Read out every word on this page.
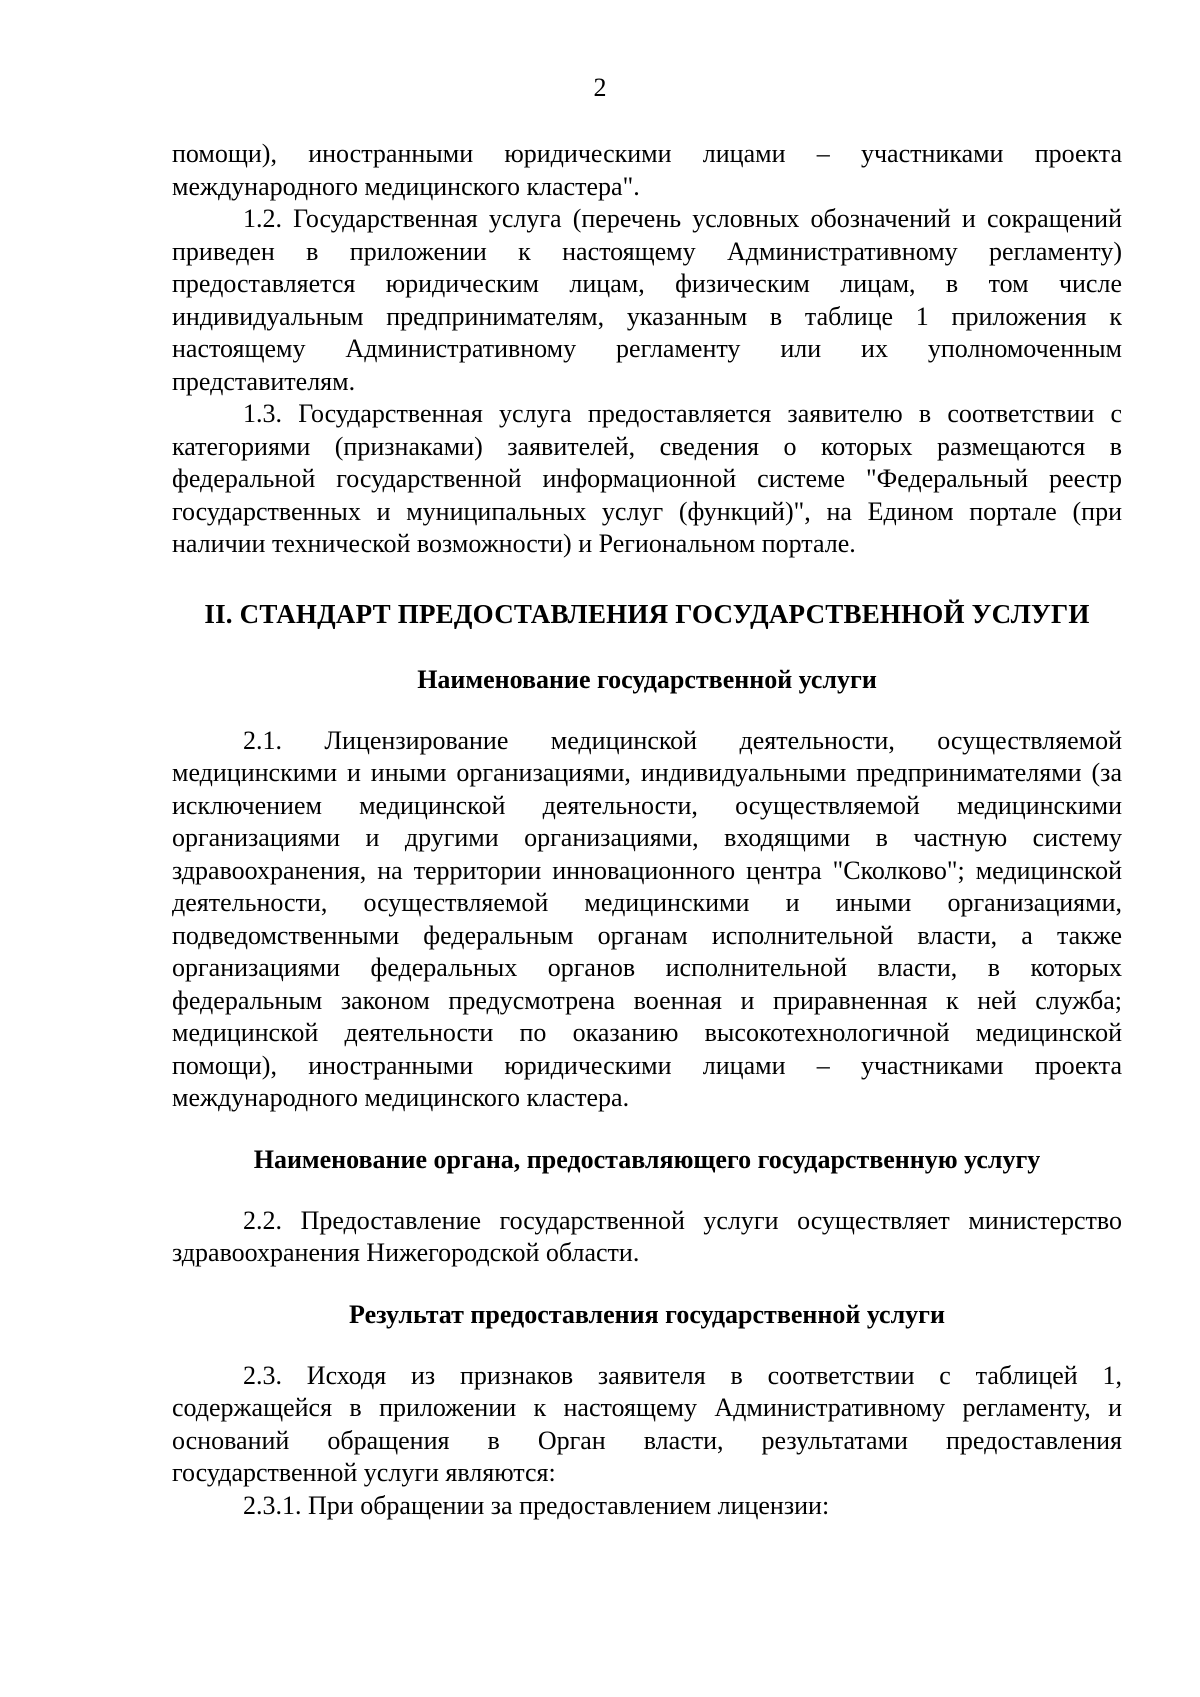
2

помощи), иностранными юридическими лицами – участниками проекта международного медицинского кластера".

1.2. Государственная услуга (перечень условных обозначений и сокращений приведен в приложении к настоящему Административному регламенту) предоставляется юридическим лицам, физическим лицам, в том числе индивидуальным предпринимателям, указанным в таблице 1 приложения к настоящему Административному регламенту или их уполномоченным представителям.

1.3. Государственная услуга предоставляется заявителю в соответствии с категориями (признаками) заявителей, сведения о которых размещаются в федеральной государственной информационной системе "Федеральный реестр государственных и муниципальных услуг (функций)", на Едином портале (при наличии технической возможности) и Региональном портале.

II. СТАНДАРТ ПРЕДОСТАВЛЕНИЯ ГОСУДАРСТВЕННОЙ УСЛУГИ
Наименование государственной услуги

2.1. Лицензирование медицинской деятельности, осуществляемой медицинскими и иными организациями, индивидуальными предпринимателями (за исключением медицинской деятельности, осуществляемой медицинскими организациями и другими организациями, входящими в частную систему здравоохранения, на территории инновационного центра "Сколково"; медицинской деятельности, осуществляемой медицинскими и иными организациями, подведомственными федеральным органам исполнительной власти, а также организациями федеральных органов исполнительной власти, в которых федеральным законом предусмотрена военная и приравненная к ней служба; медицинской деятельности по оказанию высокотехнологичной медицинской помощи), иностранными юридическими лицами – участниками проекта международного медицинского кластера.

Наименование органа, предоставляющего государственную услугу

2.2. Предоставление государственной услуги осуществляет министерство здравоохранения Нижегородской области.

Результат предоставления государственной услуги

2.3. Исходя из признаков заявителя в соответствии с таблицей 1, содержащейся в приложении к настоящему Административному регламенту, и оснований обращения в Орган власти, результатами предоставления государственной услуги являются:

2.3.1. При обращении за предоставлением лицензии:
